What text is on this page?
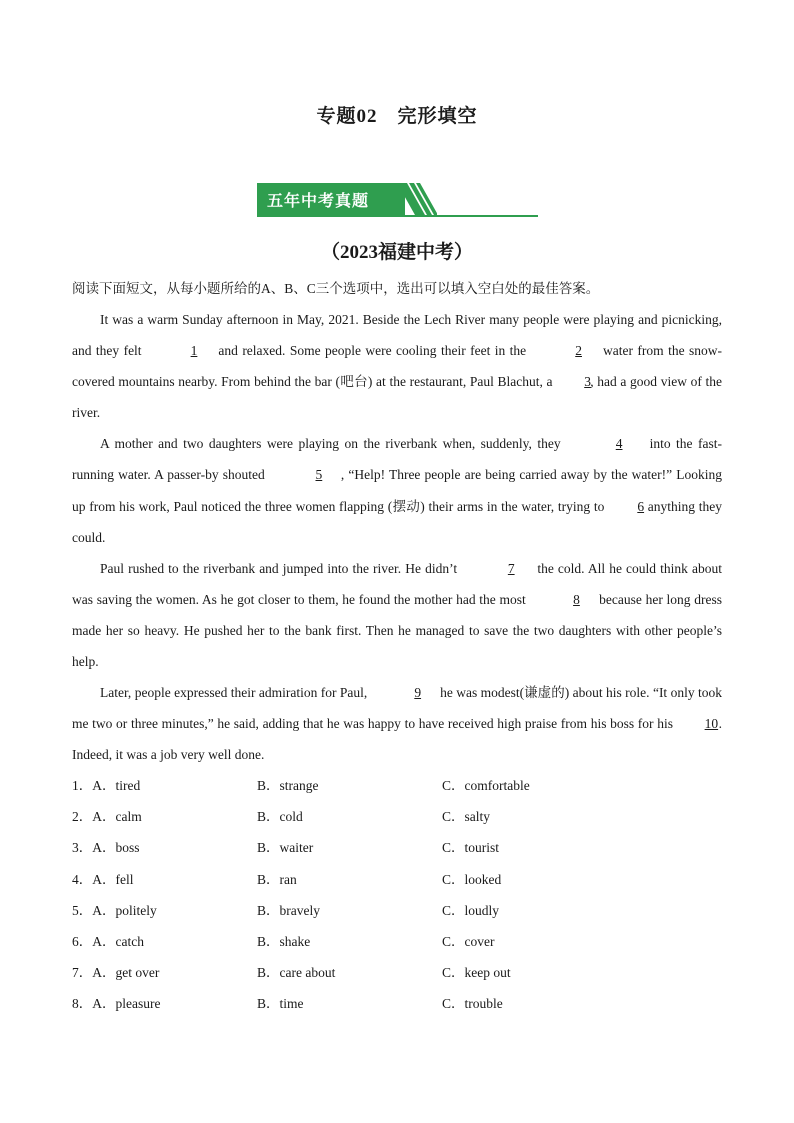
专题02　完形填空
五年中考真题
（2023福建中考）
阅读下面短文，从每小题所给的A、B、C三个选项中，选出可以填入空白处的最佳答案。

It was a warm Sunday afternoon in May, 2021. Beside the Lech River many people were playing and picnicking, and they felt	1 and relaxed. Some people were cooling their feet in the	2 water from the snow-covered mountains nearby. From behind the bar (吧台) at the restaurant, Paul Blachut, a 3, had a good view of the river.

A mother and two daughters were playing on the riverbank when, suddenly, they	4 into the fast-running water. A passer-by shouted	5 , “Help! Three people are being carried away by the water!” Looking up from his work, Paul noticed the three women flapping (摆动) their arms in the water, trying to 6 anything they could.

Paul rushed to the riverbank and jumped into the river. He didn’t	7 the cold. All he could think about was saving the women. As he got closer to them, he found the mother had the most	8 because her long dress made her so heavy. He pushed her to the bank first. Then he managed to save the two daughters with other people’s help.

Later, people expressed their admiration for Paul,	9 he was modest(谦虚的) about his role. “It only took me two or three minutes,” he said, adding that he was happy to have received high praise from his boss for his 10. Indeed, it was a job very well done.

1．A．tired	B．strange	C．comfortable
2．A．calm	B．cold	C．salty
3．A．boss	B．waiter	C．tourist
4．A．fell	B．ran	C．looked
5．A．politely	B．bravely	C．loudly
6．A．catch	B．shake	C．cover
7．A．get over	B．care about	C．keep out
8．A．pleasure	B．time	C．trouble
